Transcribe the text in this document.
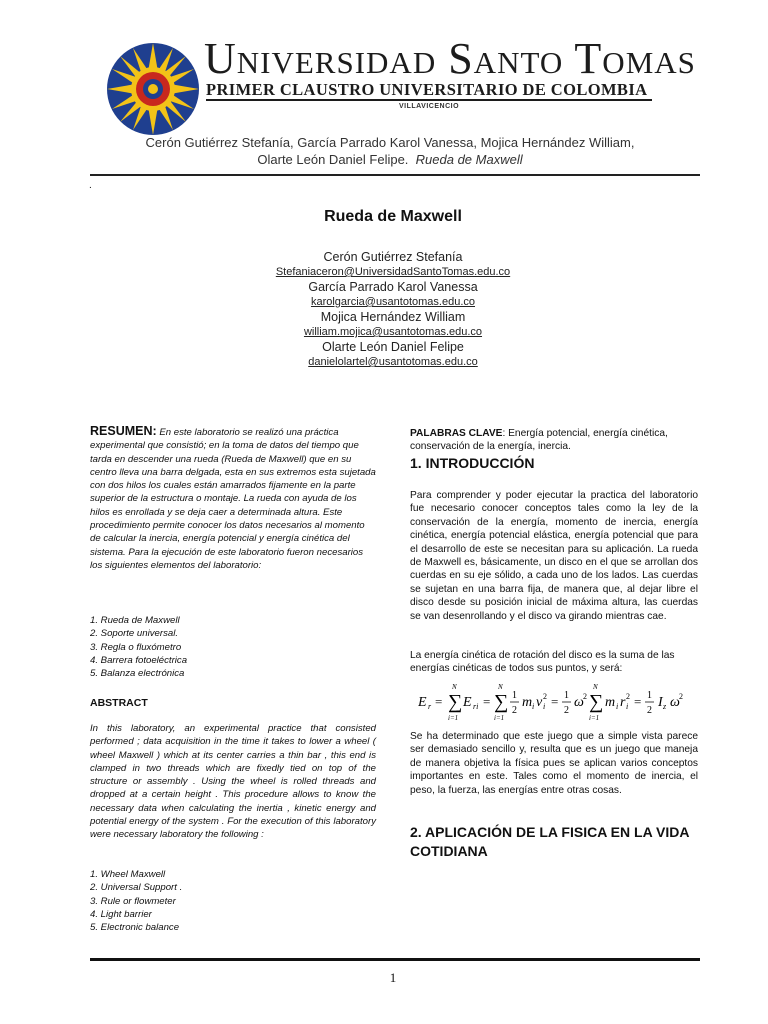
Universidad Santo Tomas
PRIMER CLAUSTRO UNIVERSITARIO DE COLOMBIA
VILLAVICENCIO
Cerón Gutiérrez Stefanía, García Parrado Karol Vanessa, Mojica Hernández William,
Olarte León Daniel Felipe. Rueda de Maxwell
.
Rueda de Maxwell
Cerón Gutiérrez Stefanía
Stefaniaceron@UniversidadSantoTomas.edu.co
García Parrado Karol Vanessa
karolgarcia@usantotomas.edu.co
Mojica Hernández William
william.mojica@usantotomas.edu.co
Olarte León Daniel Felipe
danielolartel@usantotomas.edu.co
RESUMEN: En este laboratorio se realizó una práctica experimental que consistió; en la toma de datos del tiempo que tarda en descender una rueda (Rueda de Maxwell) que en su centro lleva una barra delgada, esta en sus extremos esta sujetada con dos hilos los cuales están amarrados fijamente en la parte superior de la estructura o montaje. La rueda con ayuda de los hilos es enrollada y se deja caer a determinada altura. Este procedimiento permite conocer los datos necesarios al momento de calcular la inercia, energía potencial y energía cinética del sistema. Para la ejecución de este laboratorio fueron necesarios los siguientes elementos del laboratorio:
1. Rueda de Maxwell
2. Soporte universal.
3. Regla o fluxómetro
4. Barrera fotoeléctrica
5. Balanza electrónica
ABSTRACT
In this laboratory, an experimental practice that consisted performed ; data acquisition in the time it takes to lower a wheel ( wheel Maxwell ) which at its center carries a thin bar , this end is clamped in two threads which are fixedly tied on top of the structure or assembly . Using the wheel is rolled threads and dropped at a certain height . This procedure allows to know the necessary data when calculating the inertia , kinetic energy and potential energy of the system . For the execution of this laboratory were necessary laboratory the following :
1. Wheel Maxwell
2. Universal Support .
3. Rule or flowmeter
4. Light barrier
5. Electronic balance
PALABRAS CLAVE: Energía potencial, energía cinética, conservación de la energía, inercia.
1. INTRODUCCIÓN
Para comprender y poder ejecutar la practica del laboratorio fue necesario conocer conceptos tales como la ley de la conservación de la energía, momento de inercia, energía cinética, energía potencial elástica, energía potencial que para el desarrollo de este se necesitan para su aplicación. La rueda de Maxwell es, básicamente, un disco en el que se arrollan dos cuerdas en su eje sólido, a cada uno de los lados. Las cuerdas se sujetan en una barra fija, de manera que, al dejar libre el disco desde su posición inicial de máxima altura, las cuerdas se van desenrollando y el disco va girando mientras cae.
La energía cinética de rotación del disco es la suma de las energías cinéticas de todos sus puntos, y será:
E r = ∑
N
i=1
E ri = ∑
N
i=1
1
2
m i v i
2 = 1
2
ω 2 ∑
N
i=1
m i r i
2 = 1
2
I z ω 2
Se ha determinado que este juego que a simple vista parece ser demasiado sencillo y, resulta que es un juego que maneja de manera objetiva la física pues se aplican varios conceptos importantes en este. Tales como el momento de inercia, el peso, la fuerza, las energías entre otras cosas.
2. APLICACIÓN DE LA FISICA EN LA VIDA COTIDIANA
1
